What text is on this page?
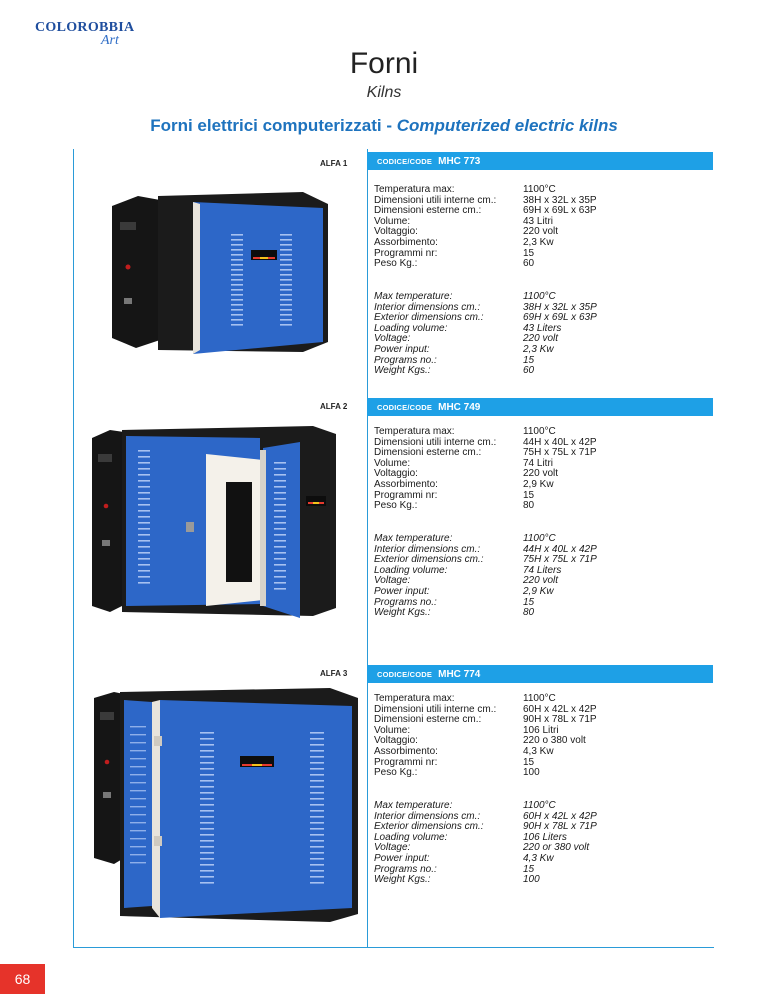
COLOROBBIA
Art
Forni
Kilns
Forni elettrici computerizzati - Computerized electric kilns
ALFA 1	CODICE/CODE MHC 773
Temperatura max:	1100°C
Dimensioni utili interne cm.:	38H x 32L x 35P
Dimensioni esterne cm.:	69H x 69L x 63P
Volume:	43 Litri
Voltaggio:	220 volt
Assorbimento:	2,3 Kw
Programmi nr:	15
Peso Kg.:	60
Max temperature:	1100°C
Interior dimensions cm.:	38H x 32L x 35P
Exterior dimensions cm.:	69H x 69L x 63P
Loading volume:	43 Liters
Voltage:	220 volt
Power input:	2,3 Kw
Programs no.:	15
Weight Kgs.:	60
ALFA 2	CODICE/CODE MHC 749
Temperatura max:	1100°C
Dimensioni utili interne cm.:	44H x 40L x 42P
Dimensioni esterne cm.:	75H x 75L x 71P
Volume:	74 Litri
Voltaggio:	220 volt
Assorbimento:	2,9 Kw
Programmi nr:	15
Peso Kg.:	80
Max temperature:	1100°C
Interior dimensions cm.:	44H x 40L x 42P
Exterior dimensions cm.:	75H x 75L x 71P
Loading volume:	74 Liters
Voltage:	220 volt
Power input:	2,9 Kw
Programs no.:	15
Weight Kgs.:	80
ALFA 3	CODICE/CODE MHC 774
Temperatura max:	1100°C
Dimensioni utili interne cm.:	60H x 42L x 42P
Dimensioni esterne cm.:	90H x 78L x 71P
Volume:	106 Litri
Voltaggio:	220 o 380 volt
Assorbimento:	4,3 Kw
Programmi nr:	15
Peso Kg.:	100
Max temperature:	1100°C
Interior dimensions cm.:	60H x 42L x 42P
Exterior dimensions cm.:	90H x 78L x 71P
Loading volume:	106 Liters
Voltage:	220 or 380 volt
Power input:	4,3 Kw
Programs no.:	15
Weight Kgs.:	100
68
